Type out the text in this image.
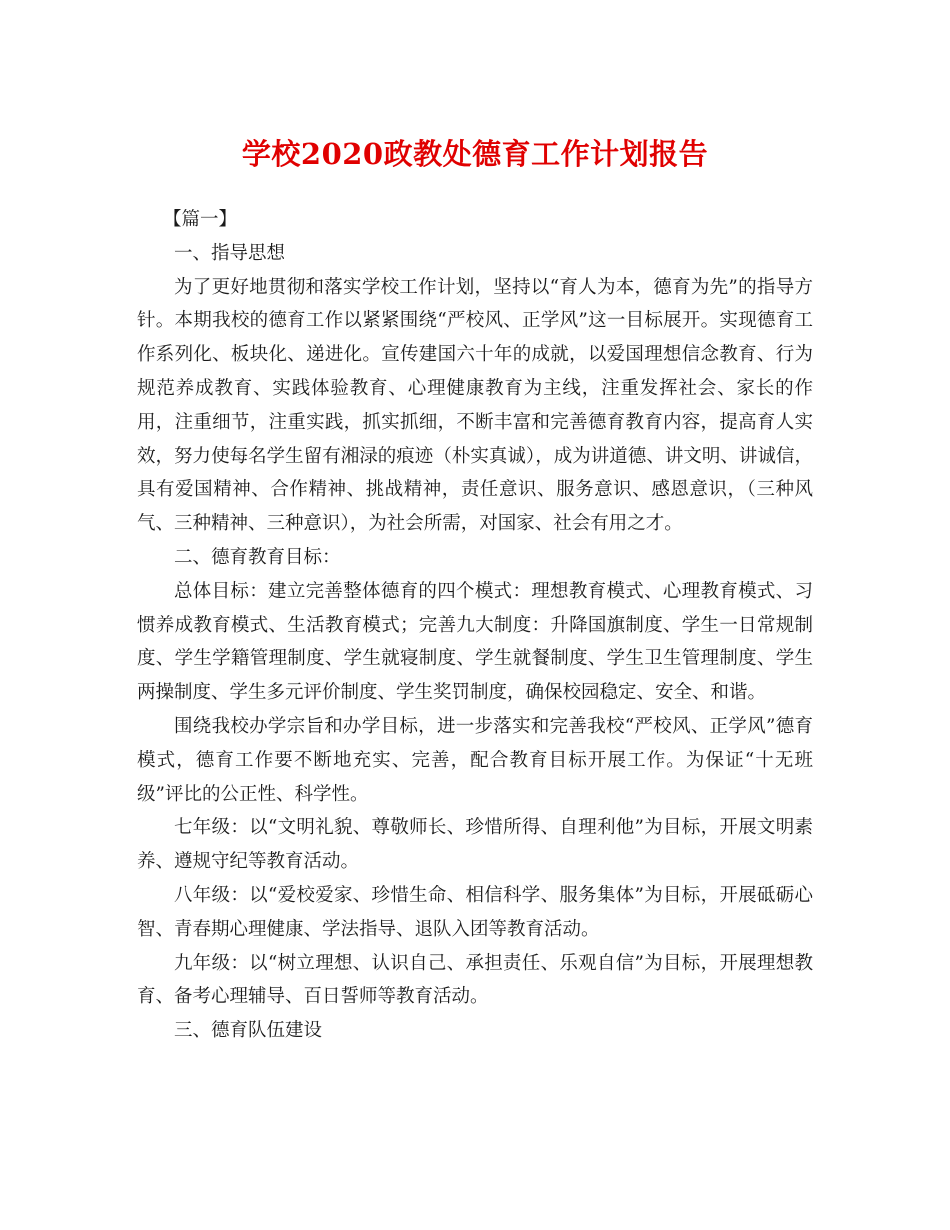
学校2020政教处德育工作计划报告

【篇一】

一、指导思想

为了更好地贯彻和落实学校工作计划，坚持以“育人为本，德育为先”的指导方针。本期我校的德育工作以紧紧围绕“严校风、正学风”这一目标展开。实现德育工作系列化、板块化、递进化。宣传建国六十年的成就，以爱国理想信念教育、行为规范养成教育、实践体验教育、心理健康教育为主线，注重发挥社会、家长的作用，注重细节，注重实践，抓实抓细，不断丰富和完善德育教育内容，提高育人实效，努力使每名学生留有湘渌的痕迹（朴实真诚），成为讲道德、讲文明、讲诚信，具有爱国精神、合作精神、挑战精神，责任意识、服务意识、感恩意识，（三种风气、三种精神、三种意识），为社会所需，对国家、社会有用之才。

二、德育教育目标：

总体目标：建立完善整体德育的四个模式：理想教育模式、心理教育模式、习惯养成教育模式、生活教育模式；完善九大制度：升降国旗制度、学生一日常规制度、学生学籍管理制度、学生就寝制度、学生就餐制度、学生卫生管理制度、学生两操制度、学生多元评价制度、学生奖罚制度，确保校园稳定、安全、和谐。

围绕我校办学宗旨和办学目标，进一步落实和完善我校“严校风、正学风”德育模式，德育工作要不断地充实、完善，配合教育目标开展工作。为保证“十无班级”评比的公正性、科学性。

七年级：以“文明礼貌、尊敬师长、珍惜所得、自理利他”为目标，开展文明素养、遵规守纪等教育活动。

八年级：以“爱校爱家、珍惜生命、相信科学、服务集体”为目标，开展砥砺心智、青春期心理健康、学法指导、退队入团等教育活动。

九年级：以“树立理想、认识自己、承担责任、乐观自信”为目标，开展理想教育、备考心理辅导、百日誓师等教育活动。

三、德育队伍建设
